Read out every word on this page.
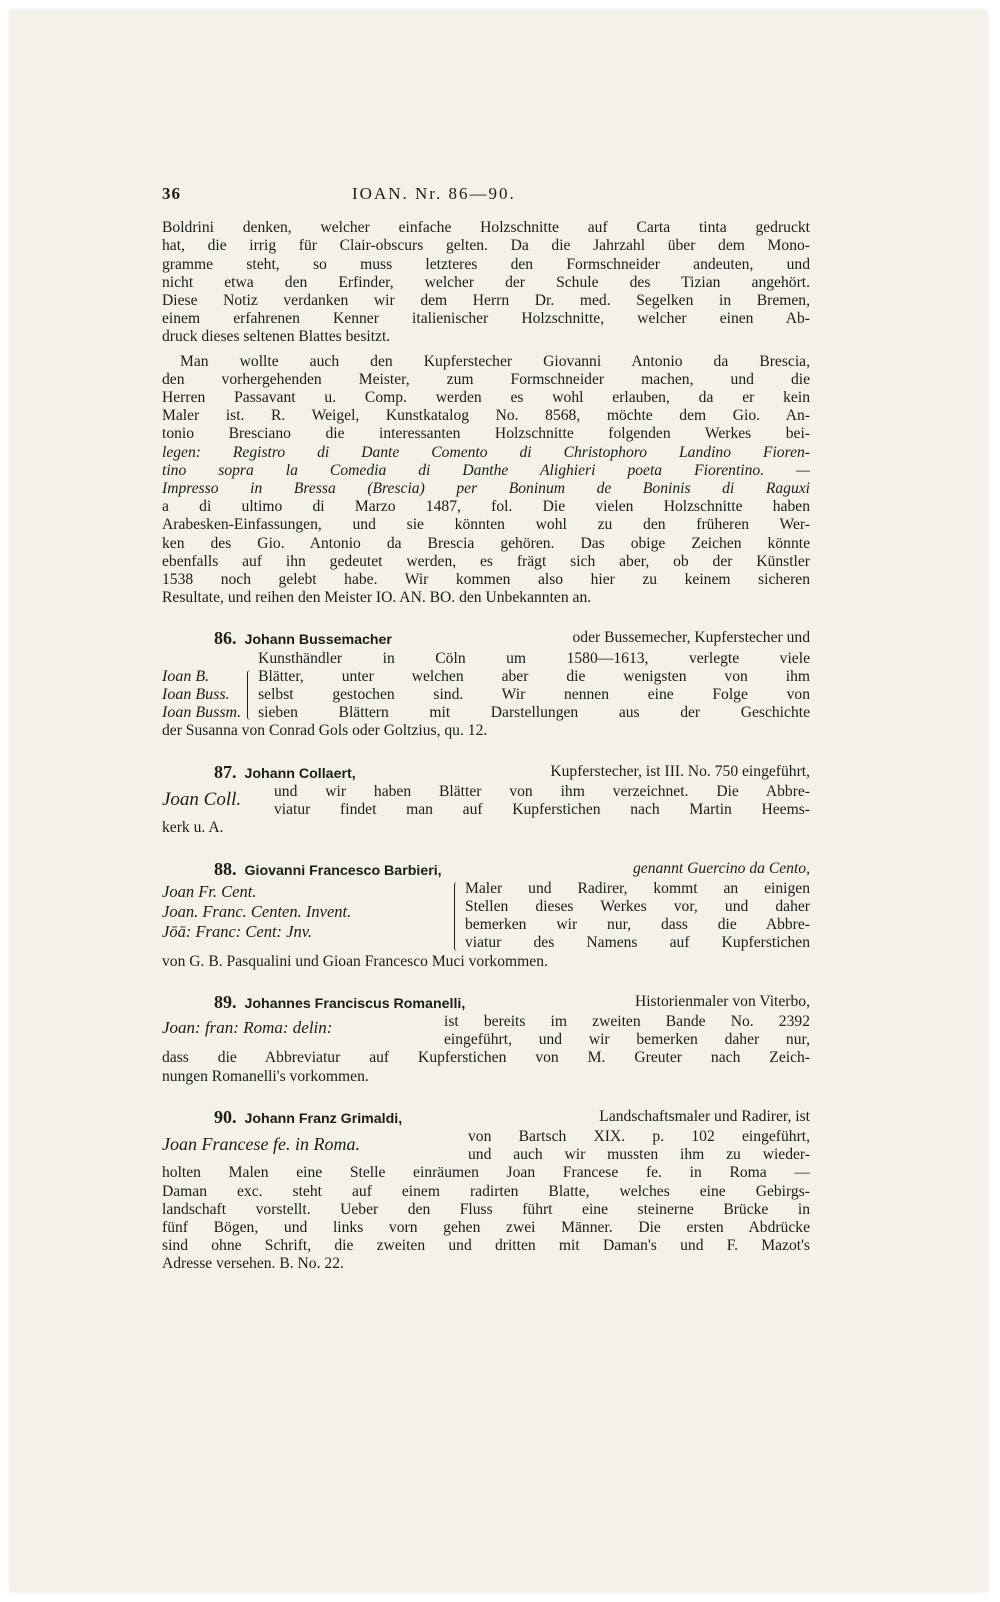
36	IOAN. Nr. 86—90.
Boldrini denken, welcher einfache Holzschnitte auf Carta tinta gedruckt
hat, die irrig für Clair-obscurs gelten. Da die Jahrzahl über dem Mono-
gramme steht, so muss letzteres den Formschneider andeuten, und
nicht etwa den Erfinder, welcher der Schule des Tizian angehört.
Diese Notiz verdanken wir dem Herrn Dr. med. Segelken in Bremen,
einem erfahrenen Kenner italienischer Holzschnitte, welcher einen Ab-
druck dieses seltenen Blattes besitzt.
Man wollte auch den Kupferstecher Giovanni Antonio da Brescia,
den vorhergehenden Meister, zum Formschneider machen, und die
Herren Passavant u. Comp. werden es wohl erlauben, da er kein
Maler ist. R. Weigel, Kunstkatalog No. 8568, möchte dem Gio. An-
tonio Bresciano die interessanten Holzschnitte folgenden Werkes bei-
legen: Registro di Dante Comento di Christophoro Landino Fioren-
tino sopra la Comedia di Danthe Alighieri poeta Fiorentino. —
Impresso in Bressa (Brescia) per Boninum de Boninis di Raguxi
a di ultimo di Marzo 1487, fol. Die vielen Holzschnitte haben
Arabesken-Einfassungen, und sie könnten wohl zu den früheren Wer-
ken des Gio. Antonio da Brescia gehören. Das obige Zeichen könnte
ebenfalls auf ihn gedeutet werden, es frägt sich aber, ob der Künstler
1538 noch gelebt habe. Wir kommen also hier zu keinem sicheren
Resultate, und reihen den Meister IO. AN. BO. den Unbekannten an.
86. Johann Bussemacher	oder Bussemecher, Kupferstecher und
Ioan B.
Ioan Buss.
Ioan Bussm.
Kunsthändler in Cöln um 1580—1613, verlegte viele
Blätter, unter welchen aber die wenigsten von ihm
selbst gestochen sind. Wir nennen eine Folge von
sieben Blättern mit Darstellungen aus der Geschichte
der Susanna von Conrad Gols oder Goltzius, qu. 12.
87. Johann Collaert,	Kupferstecher, ist III. No. 750 eingeführt,
Joan Coll.	und wir haben Blätter von ihm verzeichnet. Die Abbre-
viatur findet man auf Kupferstichen nach Martin Heems-
kerk u. A.
88. Giovanni Francesco Barbieri,	genannt Guercino da Cento,
Joan Fr. Cent.
Joan. Franc. Centen. Invent.
Jōā: Franc: Cent: Jnv.
Maler und Radirer, kommt an einigen
Stellen dieses Werkes vor, und daher
bemerken wir nur, dass die Abbre-
viatur des Namens auf Kupferstichen
von G. B. Pasqualini und Gioan Francesco Muci vorkommen.
89. Johannes Franciscus Romanelli,	Historienmaler von Viterbo,
Joan: fran: Roma: delin:	ist bereits im zweiten Bande No. 2392
eingeführt, und wir bemerken daher nur,
dass die Abbreviatur auf Kupferstichen von M. Greuter nach Zeich-
nungen Romanelli's vorkommen.
90. Johann Franz Grimaldi,	Landschaftsmaler und Radirer, ist
Joan Francese fe. in Roma.	von Bartsch XIX. p. 102 eingeführt,
und auch wir mussten ihm zu wieder-
holten Malen eine Stelle einräumen Joan Francese fe. in Roma —
Daman exc. steht auf einem radirten Blatte, welches eine Gebirgs-
landschaft vorstellt. Ueber den Fluss führt eine steinerne Brücke in
fünf Bögen, und links vorn gehen zwei Männer. Die ersten Abdrücke
sind ohne Schrift, die zweiten und dritten mit Daman's und F. Mazot's
Adresse versehen. B. No. 22.
